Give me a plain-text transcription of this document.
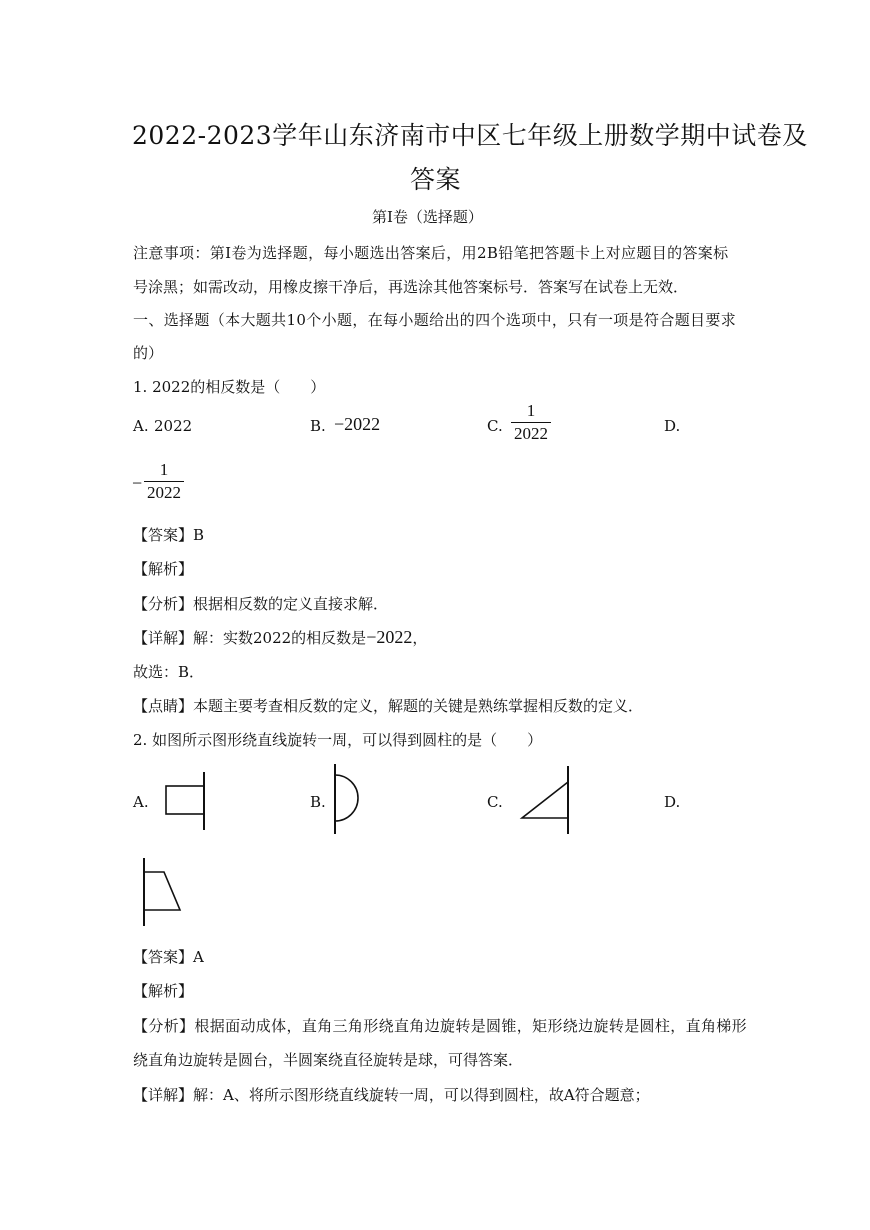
2022-2023学年山东济南市中区七年级上册数学期中试卷及
答案
第Ⅰ卷（选择题）
注意事项：第Ⅰ卷为选择题，每小题选出答案后，用2B铅笔把答题卡上对应题目的答案标
号涂黑；如需改动，用橡皮擦干净后，再选涂其他答案标号．答案写在试卷上无效．
一、选择题（本大题共10个小题，在每小题给出的四个选项中，只有一项是符合题目要求
的）
1. 2022的相反数是（　　）
A. 2022	B. −2022	C.
1
2022	D.
−
1
2022
【答案】B
【解析】
【分析】根据相反数的定义直接求解．
【详解】解：实数2022的相反数是−2022，
故选：B．
【点睛】本题主要考查相反数的定义，解题的关键是熟练掌握相反数的定义．
2. 如图所示图形绕直线旋转一周，可以得到圆柱的是（　　）
A.	B.	C.	D.
【答案】A
【解析】
【分析】根据面动成体，直角三角形绕直角边旋转是圆锥，矩形绕边旋转是圆柱，直角梯形
绕直角边旋转是圆台，半圆案绕直径旋转是球，可得答案．
【详解】解：A、将所示图形绕直线旋转一周，可以得到圆柱，故A符合题意；
